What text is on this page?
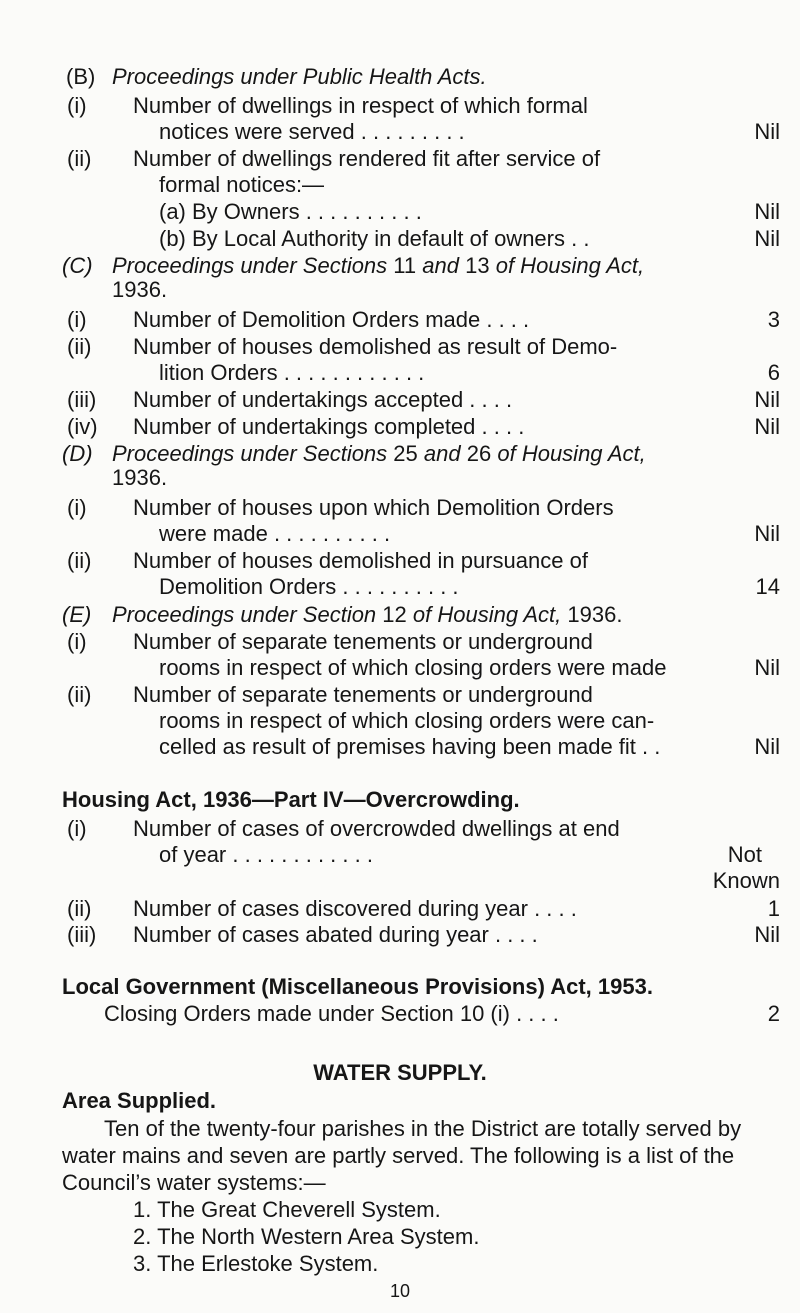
(B) Proceedings under Public Health Acts.
(i)	Number of dwellings in respect of which formal
notices were served . . . . . . . . .	Nil
(ii)	Number of dwellings rendered fit after service of
formal notices:—
(a) By Owners . . . . . . . . . .	Nil
(b) By Local Authority in default of owners . .	Nil
(C) Proceedings under Sections 11 and 13 of Housing Act,
1936.
(i)	Number of Demolition Orders made . . . .	3
(ii)	Number of houses demolished as result of Demo-
lition Orders . . . . . . . . . . . .	6
(iii)	Number of undertakings accepted . . . .	Nil
(iv)	Number of undertakings completed . . . .	Nil
(D) Proceedings under Sections 25 and 26 of Housing Act,
1936.
(i)	Number of houses upon which Demolition Orders
were made . . . . . . . . . .	Nil
(ii)	Number of houses demolished in pursuance of
Demolition Orders . . . . . . . . . .	14
(E) Proceedings under Section 12 of Housing Act, 1936.
(i)	Number of separate tenements or underground
rooms in respect of which closing orders were made	Nil
(ii)	Number of separate tenements or underground
rooms in respect of which closing orders were can-
celled as result of premises having been made fit . .	Nil
Housing Act, 1936—Part IV—Overcrowding.
(i)	Number of cases of overcrowded dwellings at end
of year . . . . . . . . . . . .	Not
Known
(ii)	Number of cases discovered during year . . . .	1
(iii)	Number of cases abated during year . . . .	Nil
Local Government (Miscellaneous Provisions) Act, 1953.
Closing Orders made under Section 10 (i) . . . .	2
WATER SUPPLY.
Area Supplied.
Ten of the twenty-four parishes in the District are totally served by
water mains and seven are partly served. The following is a list of the
Council’s water systems:—
1. The Great Cheverell System.
2. The North Western Area System.
3. The Erlestoke System.
10
